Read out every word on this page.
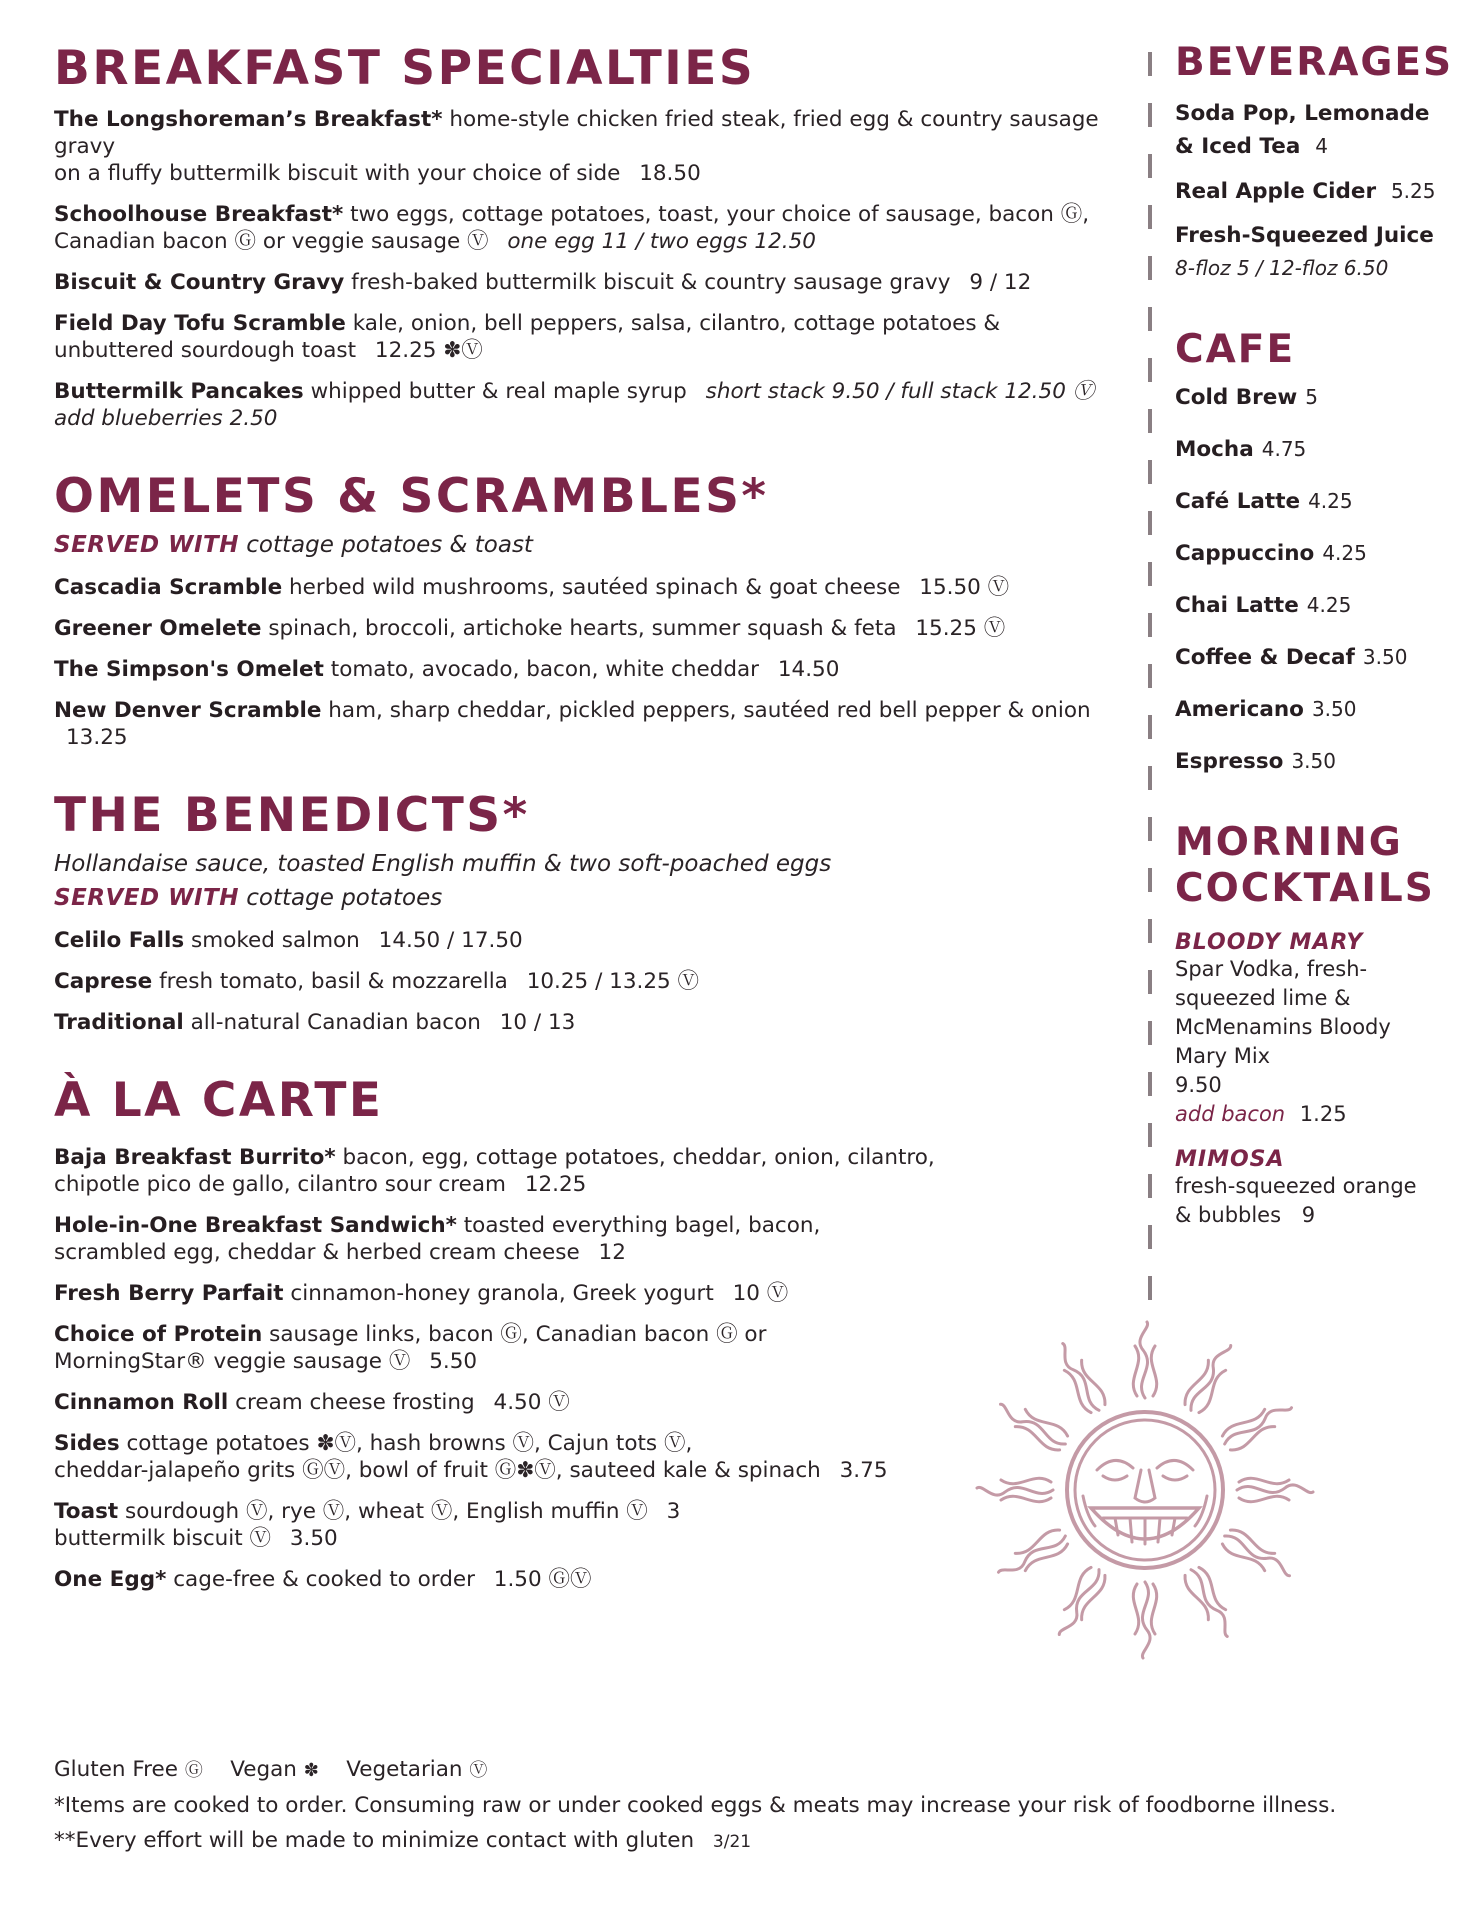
BREAKFAST SPECIALTIES

The Longshoreman’s Breakfast* home-style chicken fried steak, fried egg & country sausage gravy
on a fluffy buttermilk biscuit with your choice of side 18.50

Schoolhouse Breakfast* two eggs, cottage potatoes, toast, your choice of sausage, bacon Ⓖ,
Canadian bacon Ⓖ or veggie sausage Ⓥ one egg 11 / two eggs 12.50

Biscuit & Country Gravy fresh-baked buttermilk biscuit & country sausage gravy 9 / 12

Field Day Tofu Scramble kale, onion, bell peppers, salsa, cilantro, cottage potatoes &
unbuttered sourdough toast 12.25 ✽Ⓥ

Buttermilk Pancakes whipped butter & real maple syrup short stack 9.50 / full stack 12.50 Ⓥ
add blueberries 2.50

OMELETS & SCRAMBLES*

SERVED WITH cottage potatoes & toast

Cascadia Scramble herbed wild mushrooms, sautéed spinach & goat cheese 15.50 Ⓥ

Greener Omelete spinach, broccoli, artichoke hearts, summer squash & feta 15.25 Ⓥ

The Simpson's Omelet tomato, avocado, bacon, white cheddar 14.50

New Denver Scramble ham, sharp cheddar, pickled peppers, sautéed red bell pepper & onion 13.25

THE BENEDICTS*

Hollandaise sauce, toasted English muffin & two soft-poached eggs

SERVED WITH cottage potatoes

Celilo Falls smoked salmon 14.50 / 17.50

Caprese fresh tomato, basil & mozzarella 10.25 / 13.25 Ⓥ

Traditional all-natural Canadian bacon 10 / 13

À LA CARTE

Baja Breakfast Burrito* bacon, egg, cottage potatoes, cheddar, onion, cilantro,
chipotle pico de gallo, cilantro sour cream 12.25

Hole-in-One Breakfast Sandwich* toasted everything bagel, bacon,
scrambled egg, cheddar & herbed cream cheese 12

Fresh Berry Parfait cinnamon-honey granola, Greek yogurt 10 Ⓥ

Choice of Protein sausage links, bacon Ⓖ, Canadian bacon Ⓖ or
MorningStar® veggie sausage Ⓥ 5.50

Cinnamon Roll cream cheese frosting 4.50 Ⓥ

Sides cottage potatoes ✽Ⓥ, hash browns Ⓥ, Cajun tots Ⓥ,
cheddar-jalapeño grits ⒼⓋ, bowl of fruit Ⓖ✽Ⓥ, sauteed kale & spinach 3.75

Toast sourdough Ⓥ, rye Ⓥ, wheat Ⓥ, English muffin Ⓥ 3
buttermilk biscuit Ⓥ 3.50

One Egg* cage-free & cooked to order 1.50 ⒼⓋ

BEVERAGES
Soda Pop, Lemonade
& Iced Tea 4
Real Apple Cider 5.25
Fresh-Squeezed Juice
8-floz 5 / 12-floz 6.50
CAFE
Cold Brew 5
Mocha 4.75
Café Latte 4.25
Cappuccino 4.25
Chai Latte 4.25
Coffee & Decaf 3.50
Americano 3.50
Espresso 3.50
MORNING
COCKTAILS
BLOODY MARY
Spar Vodka, fresh-
squeezed lime &
McMenamins Bloody
Mary Mix
9.50
add bacon 1.25
MIMOSA
fresh-squeezed orange
& bubbles 9
Gluten Free Ⓖ Vegan ✽ Vegetarian Ⓥ
*Items are cooked to order. Consuming raw or under cooked eggs & meats may increase your risk of foodborne illness.
**Every effort will be made to minimize contact with gluten 3/21
